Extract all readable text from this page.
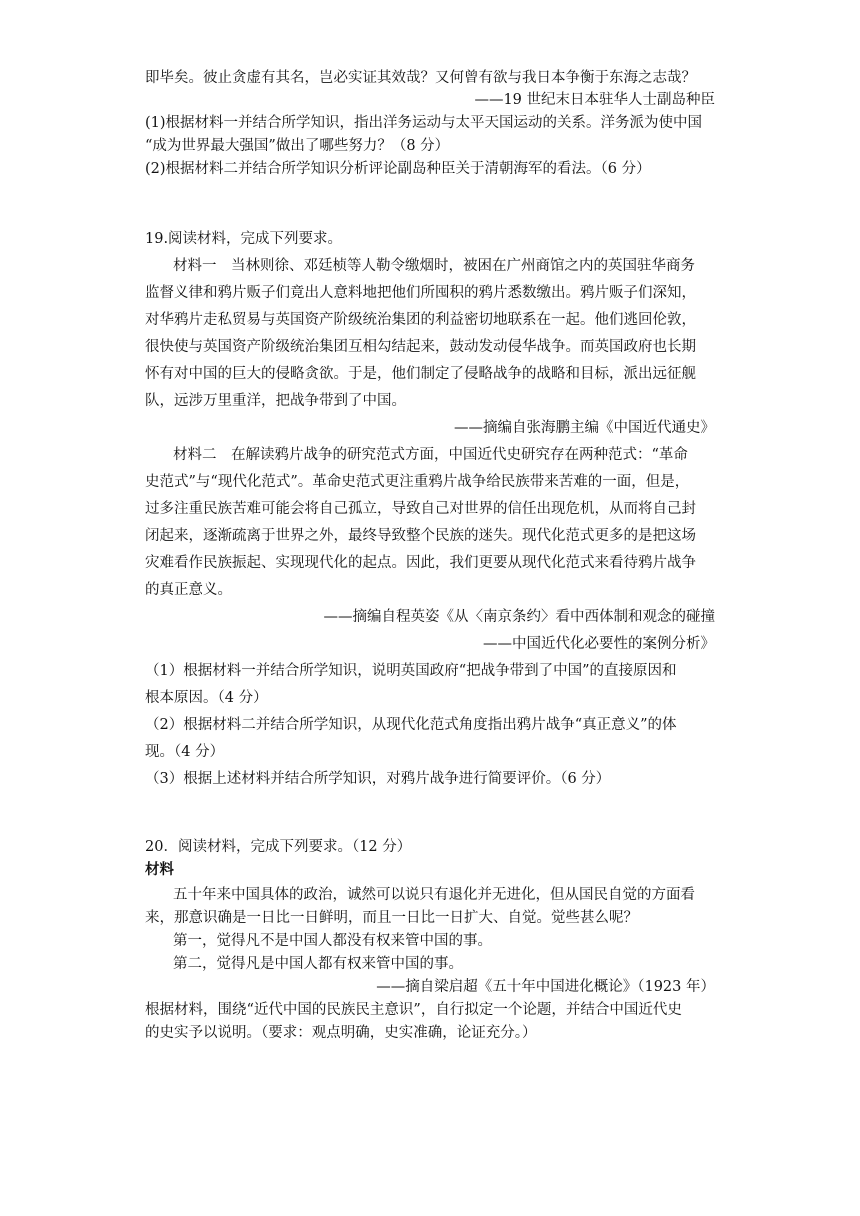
即毕矣。彼止贪虚有其名，岂必实证其效哉？又何曾有欲与我日本争衡于东海之志哉？
——19 世纪末日本驻华人士副岛种臣
(1)根据材料一并结合所学知识，指出洋务运动与太平天国运动的关系。洋务派为使中国
“成为世界最大强国”做出了哪些努力？（8 分）
(2)根据材料二并结合所学知识分析评论副岛种臣关于清朝海军的看法。（6 分）
19.阅读材料，完成下列要求。
材料一　当林则徐、邓廷桢等人勒令缴烟时，被困在广州商馆之内的英国驻华商务
监督义律和鸦片贩子们竟出人意料地把他们所囤积的鸦片悉数缴出。鸦片贩子们深知，
对华鸦片走私贸易与英国资产阶级统治集团的利益密切地联系在一起。他们逃回伦敦，
很快使与英国资产阶级统治集团互相勾结起来，鼓动发动侵华战争。而英国政府也长期
怀有对中国的巨大的侵略贪欲。于是，他们制定了侵略战争的战略和目标，派出远征舰
队，远涉万里重洋，把战争带到了中国。
——摘编自张海鹏主编《中国近代通史》
材料二　在解读鸦片战争的研究范式方面，中国近代史研究存在两种范式：“革命
史范式”与“现代化范式”。革命史范式更注重鸦片战争给民族带来苦难的一面，但是，
过多注重民族苦难可能会将自己孤立，导致自己对世界的信任出现危机，从而将自己封
闭起来，逐渐疏离于世界之外，最终导致整个民族的迷失。现代化范式更多的是把这场
灾难看作民族振起、实现现代化的起点。因此，我们更要从现代化范式来看待鸦片战争
的真正意义。
——摘编自程英姿《从〈南京条约〉看中西体制和观念的碰撞
——中国近代化必要性的案例分析》
（1）根据材料一并结合所学知识，说明英国政府“把战争带到了中国”的直接原因和
根本原因。（4 分）
（2）根据材料二并结合所学知识，从现代化范式角度指出鸦片战争“真正意义”的体
现。（4 分）
（3）根据上述材料并结合所学知识，对鸦片战争进行简要评价。（6 分）
20．阅读材料，完成下列要求。（12 分）
材料
五十年来中国具体的政治，诚然可以说只有退化并无进化，但从国民自觉的方面看
来，那意识确是一日比一日鲜明，而且一日比一日扩大、自觉。觉些甚么呢？
第一，觉得凡不是中国人都没有权来管中国的事。
第二，觉得凡是中国人都有权来管中国的事。
——摘自梁启超《五十年中国进化概论》（1923 年）
根据材料，围绕“近代中国的民族民主意识”，自行拟定一个论题，并结合中国近代史
的史实予以说明。（要求：观点明确，史实准确，论证充分。）
